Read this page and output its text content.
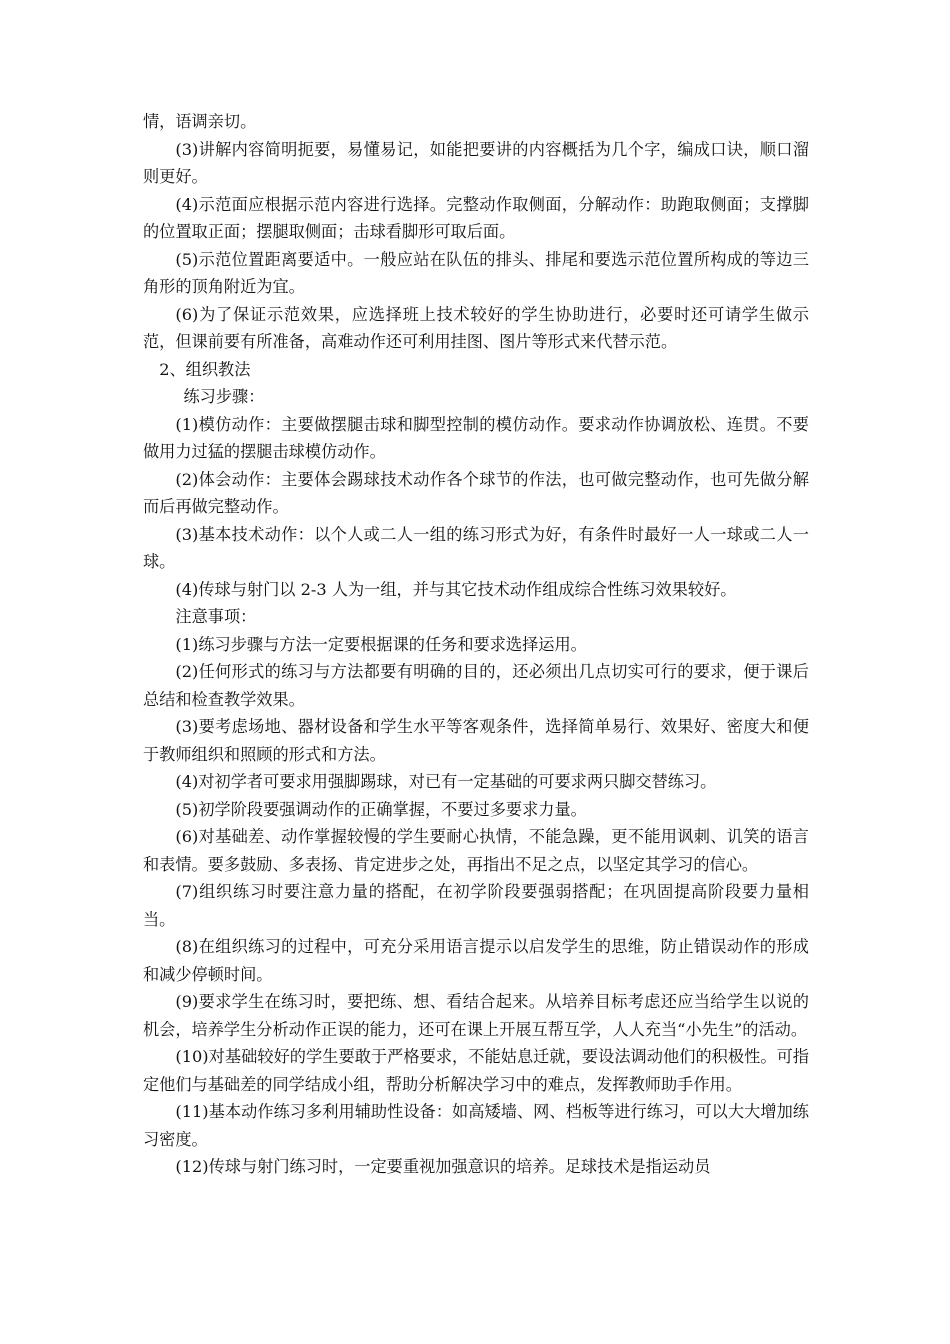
情，语调亲切。

(3)讲解内容简明扼要，易懂易记，如能把要讲的内容概括为几个字，编成口诀，顺口溜则更好。

(4)示范面应根据示范内容进行选择。完整动作取侧面，分解动作：助跑取侧面；支撑脚的位置取正面；摆腿取侧面；击球看脚形可取后面。

(5)示范位置距离要适中。一般应站在队伍的排头、排尾和要选示范位置所构成的等边三角形的顶角附近为宜。

(6)为了保证示范效果，应选择班上技术较好的学生协助进行，必要时还可请学生做示范，但课前要有所准备，高难动作还可利用挂图、图片等形式来代替示范。

2、组织教法

练习步骤：

(1)模仿动作：主要做摆腿击球和脚型控制的模仿动作。要求动作协调放松、连贯。不要做用力过猛的摆腿击球模仿动作。

(2)体会动作：主要体会踢球技术动作各个球节的作法，也可做完整动作，也可先做分解而后再做完整动作。

(3)基本技术动作：以个人或二人一组的练习形式为好，有条件时最好一人一球或二人一球。

(4)传球与射门以 2-3 人为一组，并与其它技术动作组成综合性练习效果较好。

注意事项：

(1)练习步骤与方法一定要根据课的任务和要求选择运用。

(2)任何形式的练习与方法都要有明确的目的，还必须出几点切实可行的要求，便于课后总结和检查教学效果。

(3)要考虑场地、器材设备和学生水平等客观条件，选择简单易行、效果好、密度大和便于教师组织和照顾的形式和方法。

(4)对初学者可要求用强脚踢球，对已有一定基础的可要求两只脚交替练习。

(5)初学阶段要强调动作的正确掌握，不要过多要求力量。

(6)对基础差、动作掌握较慢的学生要耐心执情，不能急躁，更不能用讽刺、讥笑的语言和表情。要多鼓励、多表扬、肯定进步之处，再指出不足之点，以坚定其学习的信心。

(7)组织练习时要注意力量的搭配，在初学阶段要强弱搭配；在巩固提高阶段要力量相当。

(8)在组织练习的过程中，可充分采用语言提示以启发学生的思维，防止错误动作的形成和减少停顿时间。

(9)要求学生在练习时，要把练、想、看结合起来。从培养目标考虑还应当给学生以说的机会，培养学生分析动作正误的能力，还可在课上开展互帮互学，人人充当“小先生”的活动。

(10)对基础较好的学生要敢于严格要求，不能姑息迁就，要设法调动他们的积极性。可指定他们与基础差的同学结成小组，帮助分析解决学习中的难点，发挥教师助手作用。

(11)基本动作练习多利用辅助性设备：如高矮墙、网、档板等进行练习，可以大大增加练习密度。

(12)传球与射门练习时，一定要重视加强意识的培养。足球技术是指运动员
